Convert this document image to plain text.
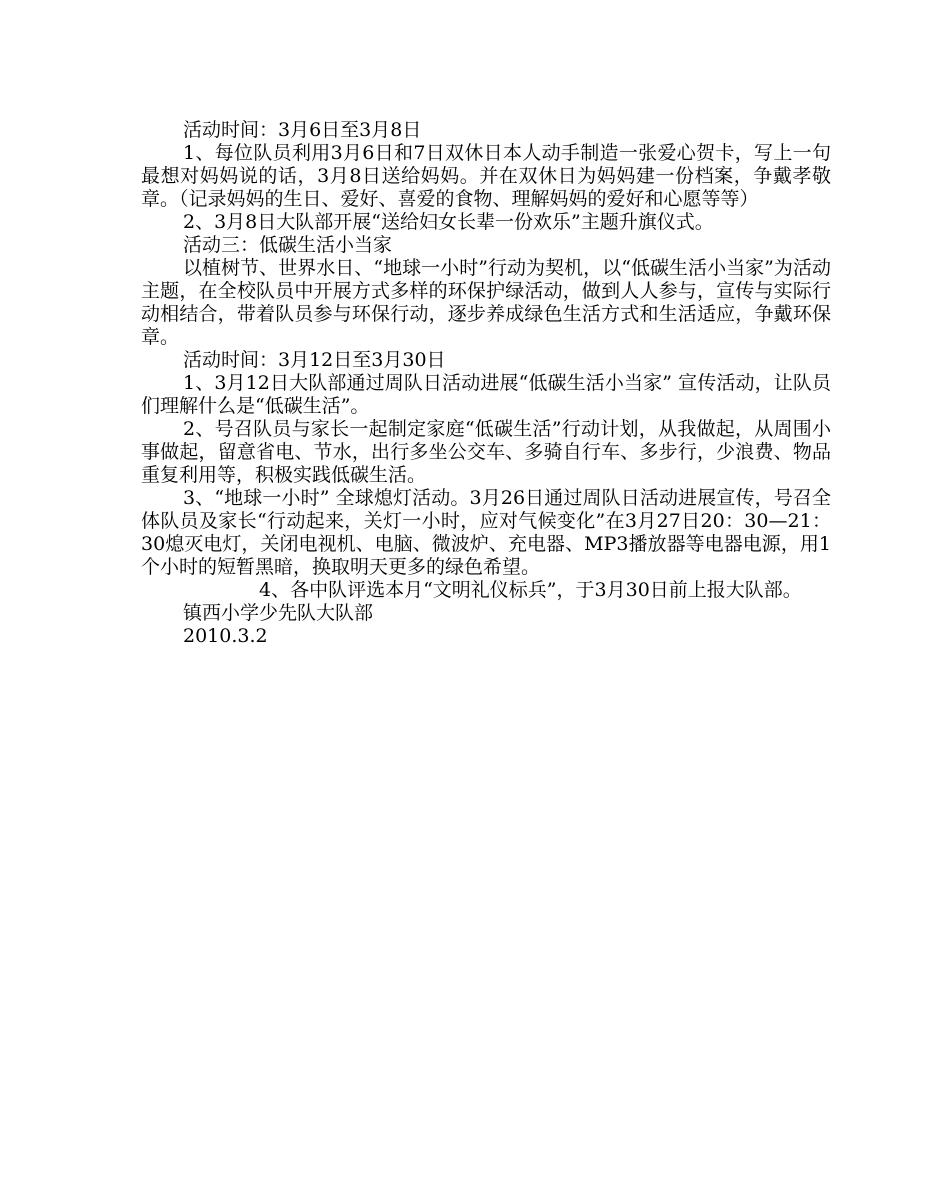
活动时间：3月6日至3月8日

1、每位队员利用3月6日和7日双休日本人动手制造一张爱心贺卡，写上一句最想对妈妈说的话，3月8日送给妈妈。并在双休日为妈妈建一份档案，争戴孝敬章。（记录妈妈的生日、爱好、喜爱的食物、理解妈妈的爱好和心愿等等）

2、3月8日大队部开展“送给妇女长辈一份欢乐”主题升旗仪式。

活动三：低碳生活小当家

以植树节、世界水日、“地球一小时”行动为契机，以“低碳生活小当家”为活动主题，在全校队员中开展方式多样的环保护绿活动，做到人人参与，宣传与实际行动相结合，带着队员参与环保行动，逐步养成绿色生活方式和生活适应，争戴环保章。

活动时间：3月12日至3月30日

1、3月12日大队部通过周队日活动进展“低碳生活小当家” 宣传活动，让队员们理解什么是“低碳生活”。

2、号召队员与家长一起制定家庭“低碳生活”行动计划，从我做起，从周围小事做起，留意省电、节水，出行多坐公交车、多骑自行车、多步行，少浪费、物品重复利用等，积极实践低碳生活。

3、“地球一小时” 全球熄灯活动。3月26日通过周队日活动进展宣传，号召全体队员及家长“行动起来，关灯一小时，应对气候变化”在3月27日20：30—21：30熄灭电灯，关闭电视机、电脑、微波炉、充电器、MP3播放器等电器电源，用1个小时的短暂黑暗，换取明天更多的绿色希望。

4、各中队评选本月“文明礼仪标兵”，于3月30日前上报大队部。

镇西小学少先队大队部

2010.3.2
